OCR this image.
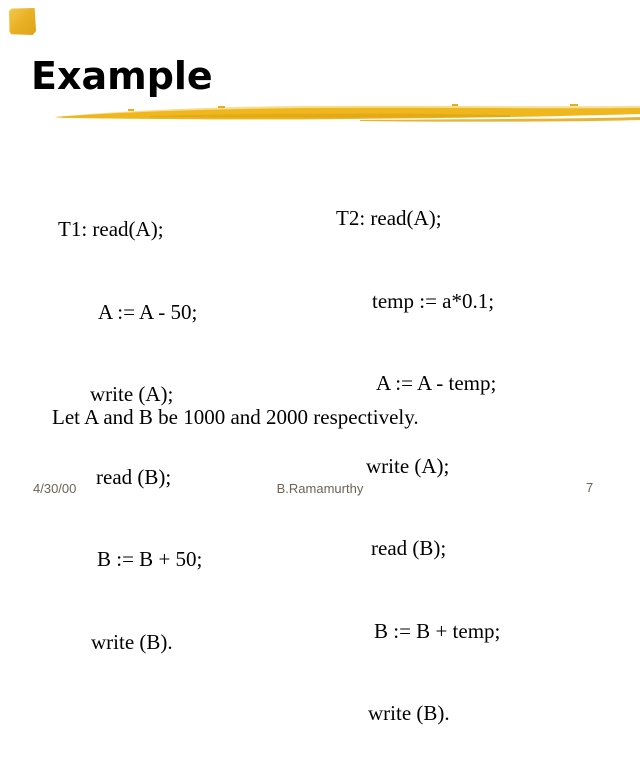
Example

T1: read(A);

A := A - 50;

write (A);

read (B);

B := B + 50;

write (B).

T2: read(A);

temp := a*0.1;

A := A - temp;

write (A);

read (B);

B := B + temp;

write (B).

Let A and B be 1000 and 2000 respectively.
4/30/00	B.Ramamurthy	7
